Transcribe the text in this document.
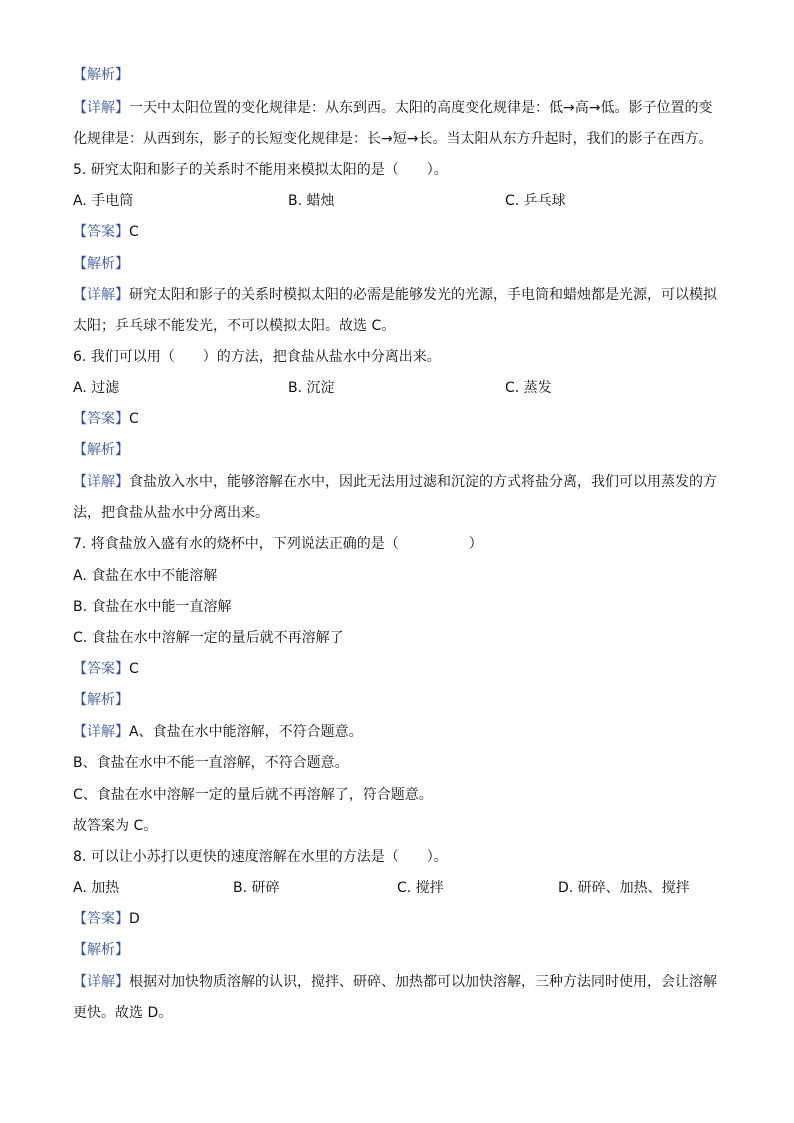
【解析】
【详解】一天中太阳位置的变化规律是：从东到西。太阳的高度变化规律是：低→高→低。影子位置的变
化规律是：从西到东，影子的长短变化规律是：长→短→长。当太阳从东方升起时，我们的影子在西方。
5. 研究太阳和影子的关系时不能用来模拟太阳的是（　　）。
A. 手电筒	B. 蜡烛	C. 乒乓球
【答案】C
【解析】
【详解】研究太阳和影子的关系时模拟太阳的必需是能够发光的光源，手电筒和蜡烛都是光源，可以模拟
太阳；乒乓球不能发光，不可以模拟太阳。故选 C。
6. 我们可以用（　　）的方法，把食盐从盐水中分离出来。
A. 过滤	B. 沉淀	C. 蒸发
【答案】C
【解析】
【详解】食盐放入水中，能够溶解在水中，因此无法用过滤和沉淀的方式将盐分离，我们可以用蒸发的方
法，把食盐从盐水中分离出来。
7. 将食盐放入盛有水的烧杯中，下列说法正确的是（　　　　　）
A. 食盐在水中不能溶解
B. 食盐在水中能一直溶解
C. 食盐在水中溶解一定的量后就不再溶解了
【答案】C
【解析】
【详解】A、食盐在水中能溶解，不符合题意。
B、食盐在水中不能一直溶解，不符合题意。
C、食盐在水中溶解一定的量后就不再溶解了，符合题意。
故答案为 C。
8. 可以让小苏打以更快的速度溶解在水里的方法是（　　）。
A. 加热	B. 研碎	C. 搅拌	D. 研碎、加热、搅拌
【答案】D
【解析】
【详解】根据对加快物质溶解的认识，搅拌、研碎、加热都可以加快溶解，三种方法同时使用，会让溶解
更快。故选 D。
